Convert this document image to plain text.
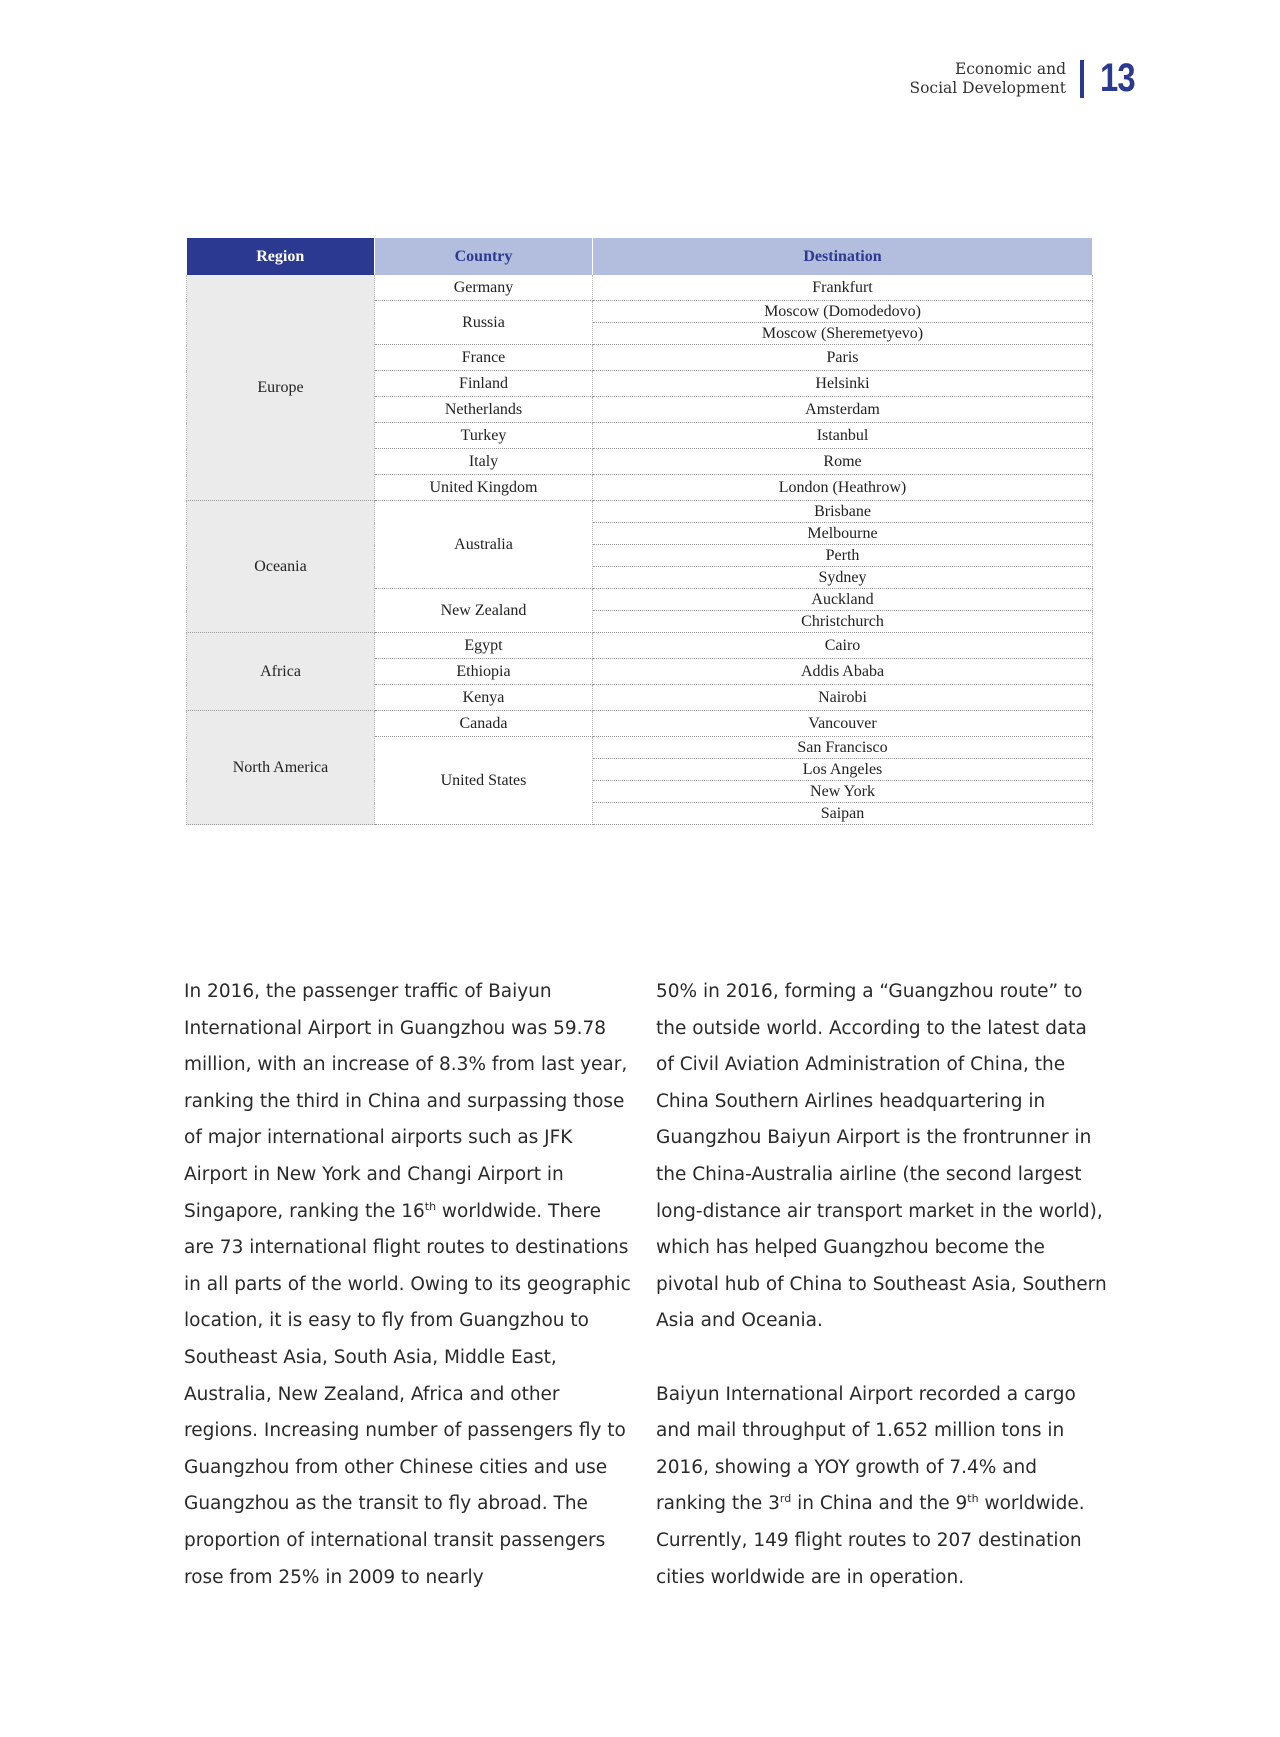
Economic and
Social Development 13
Region	Country	Destination
Europe	Germany	Frankfurt
	Russia	Moscow (Domodedovo)
		Moscow (Sheremetyevo)
	France	Paris
	Finland	Helsinki
	Netherlands	Amsterdam
	Turkey	Istanbul
	Italy	Rome
	United Kingdom	London (Heathrow)
Oceania	Australia	Brisbane
		Melbourne
		Perth
		Sydney
	New Zealand	Auckland
		Christchurch
Africa	Egypt	Cairo
	Ethiopia	Addis Ababa
	Kenya	Nairobi
North America	Canada	Vancouver
	United States	San Francisco
		Los Angeles
		New York
		Saipan

In 2016, the passenger traffic of Baiyun International Airport in Guangzhou was 59.78 million, with an increase of 8.3% from last year, ranking the third in China and surpassing those of major international airports such as JFK Airport in New York and Changi Airport in Singapore, ranking the 16th worldwide. There are 73 international flight routes to destinations in all parts of the world. Owing to its geographic location, it is easy to fly from Guangzhou to Southeast Asia, South Asia, Middle East, Australia, New Zealand, Africa and other regions. Increasing number of passengers fly to Guangzhou from other Chinese cities and use Guangzhou as the transit to fly abroad. The proportion of international transit passengers rose from 25% in 2009 to nearly

50% in 2016, forming a “Guangzhou route” to the outside world. According to the latest data of Civil Aviation Administration of China, the China Southern Airlines headquartering in Guangzhou Baiyun Airport is the frontrunner in the China-Australia airline (the second largest long-distance air transport market in the world), which has helped Guangzhou become the pivotal hub of China to Southeast Asia, Southern Asia and Oceania.

Baiyun International Airport recorded a cargo and mail throughput of 1.652 million tons in 2016, showing a YOY growth of 7.4% and ranking the 3rd in China and the 9th worldwide. Currently, 149 flight routes to 207 destination cities worldwide are in operation.
